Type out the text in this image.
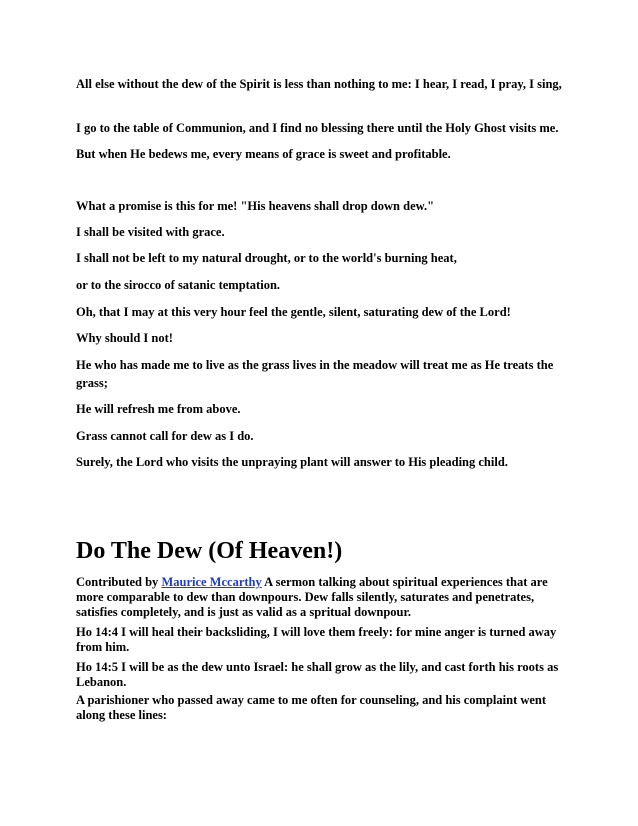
All else without the dew of the Spirit is less than nothing to me: I hear, I read, I pray, I sing,
I go to the table of Communion, and I find no blessing there until the Holy Ghost visits me.
But when He bedews me, every means of grace is sweet and profitable.
What a promise is this for me! "His heavens shall drop down dew."
I shall be visited with grace.
I shall not be left to my natural drought, or to the world's burning heat,
or to the sirocco of satanic temptation.
Oh, that I may at this very hour feel the gentle, silent, saturating dew of the Lord!
Why should I not!
He who has made me to live as the grass lives in the meadow will treat me as He treats the grass;
He will refresh me from above.
Grass cannot call for dew as I do.
Surely, the Lord who visits the unpraying plant will answer to His pleading child.
Do The Dew (Of Heaven!)
Contributed by Maurice Mccarthy A sermon talking about spiritual experiences that are more comparable to dew than downpours. Dew falls silently, saturates and penetrates, satisfies completely, and is just as valid as a spritual downpour.
Ho 14:4 I will heal their backsliding, I will love them freely: for mine anger is turned away from him.
Ho 14:5 I will be as the dew unto Israel: he shall grow as the lily, and cast forth his roots as Lebanon.
A parishioner who passed away came to me often for counseling, and his complaint went along these lines:
